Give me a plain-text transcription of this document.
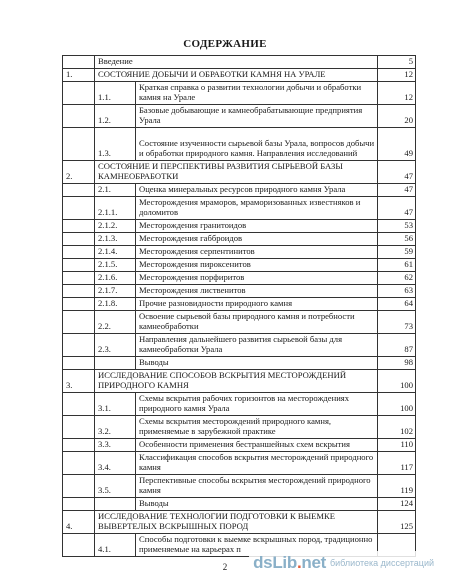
СОДЕРЖАНИЕ
	Введение		5
1.	СОСТОЯНИЕ ДОБЫЧИ И ОБРАБОТКИ КАМНЯ НА УРАЛЕ		12
	1.1.	Краткая справка о развитии технологии добычи и обработки камня на Урале	12
	1.2.	Базовые добывающие и камнеобрабатывающие предприятия Урала	20
	1.3.	Состояние изученности сырьевой базы Урала, вопросов добычи и обработки природного камня. Направления исследований	49
2.	СОСТОЯНИЕ И ПЕРСПЕКТИВЫ РАЗВИТИЯ СЫРЬЕВОЙ БАЗЫ КАМНЕОБРАБОТКИ		47
	2.1.	Оценка минеральных ресурсов природного камня Урала	47
	2.1.1.	Месторождения мраморов, мраморизованных известняков и доломитов	47
	2.1.2.	Месторождения гранитоидов	53
	2.1.3.	Месторождения габброидов	56
	2.1.4.	Месторождения серпентинитов	59
	2.1.5.	Месторождения пироксенитов	61
	2.1.6.	Месторождения порфиритов	62
	2.1.7.	Месторождения лиственитов	63
	2.1.8.	Прочие разновидности природного камня	64
	2.2.	Освоение сырьевой базы природного камня и потребности камнеобработки	73
	2.3.	Направления дальнейшего развития сырьевой базы для камнеобработки Урала	87
		Выводы	98
3.	ИССЛЕДОВАНИЕ СПОСОБОВ ВСКРЫТИЯ МЕСТОРОЖДЕНИЙ ПРИРОДНОГО КАМНЯ		100
	3.1.	Схемы вскрытия рабочих горизонтов на месторождениях природного камня Урала	100
	3.2.	Схемы вскрытия месторождений природного камня, применяемые в зарубежной практике	102
	3.3.	Особенности применения бестраншейных схем вскрытия	110
	3.4.	Классификация способов вскрытия месторождений природного камня	117
	3.5.	Перспективные способы вскрытия месторождений природного камня	119
		Выводы	124
4.	ИССЛЕДОВАНИЕ ТЕХНОЛОГИИ ПОДГОТОВКИ К ВЫЕМКЕ ВЫВЕРТЕЛЫХ ВСКРЫШНЫХ ПОРОД		125
	4.1.	Способы подготовки к выемке вскрышных пород, традиционно применяемые на карьерах п	
2	dsLib.net библиотека диссертаций
